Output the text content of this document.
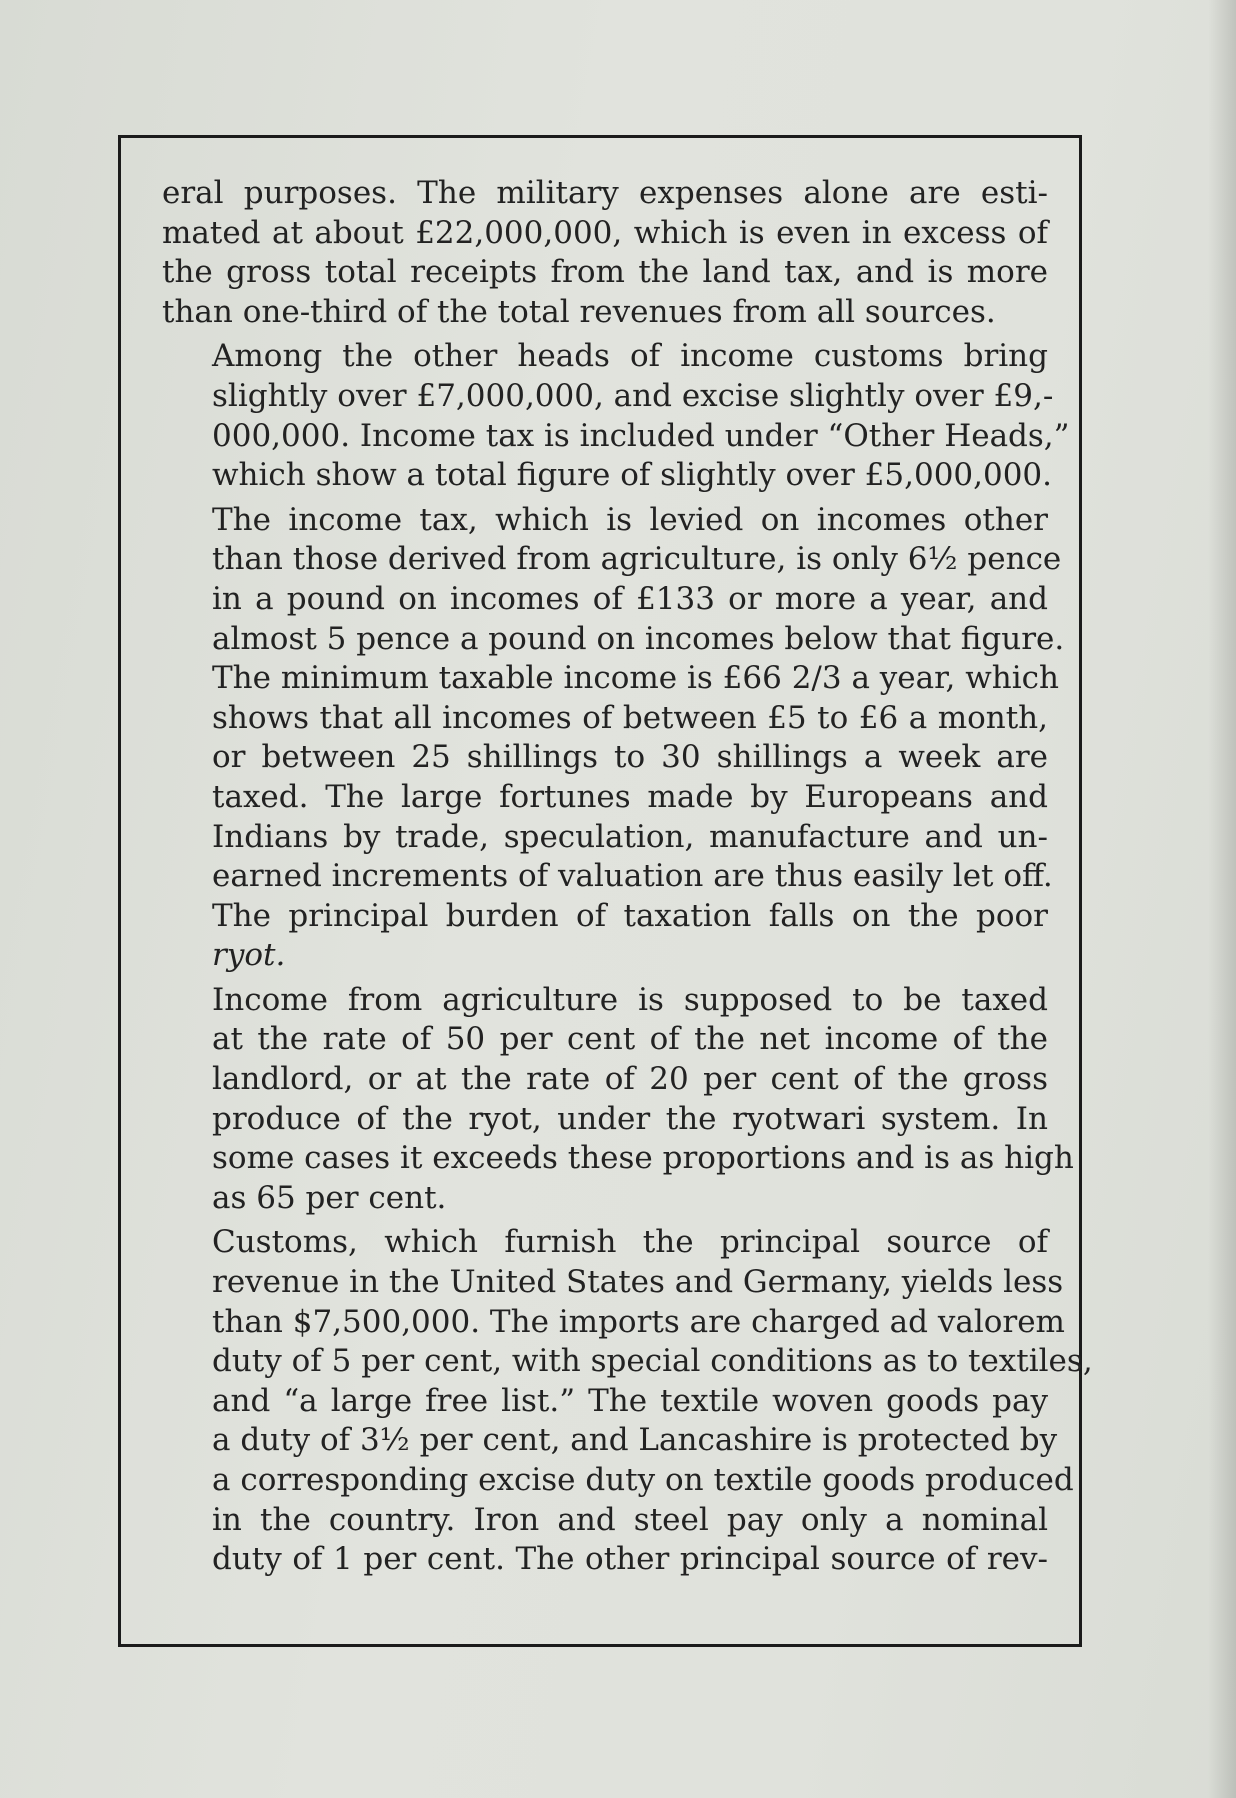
eral purposes. The military expenses alone are esti-
mated at about £22,000,000, which is even in excess of
the gross total receipts from the land tax, and is more
than one-third of the total revenues from all sources.
Among the other heads of income customs bring
slightly over £7,000,000, and excise slightly over £9,-
000,000. Income tax is included under “Other Heads,”
which show a total figure of slightly over £5,000,000.
The income tax, which is levied on incomes other
than those derived from agriculture, is only 6½ pence
in a pound on incomes of £133 or more a year, and
almost 5 pence a pound on incomes below that figure.
The minimum taxable income is £66 2/3 a year, which
shows that all incomes of between £5 to £6 a month,
or between 25 shillings to 30 shillings a week are
taxed. The large fortunes made by Europeans and
Indians by trade, speculation, manufacture and un-
earned increments of valuation are thus easily let off.
The principal burden of taxation falls on the poor
ryot.
Income from agriculture is supposed to be taxed
at the rate of 50 per cent of the net income of the
landlord, or at the rate of 20 per cent of the gross
produce of the ryot, under the ryotwari system. In
some cases it exceeds these proportions and is as high
as 65 per cent.
Customs, which furnish the principal source of
revenue in the United States and Germany, yields less
than $7,500,000. The imports are charged ad valorem
duty of 5 per cent, with special conditions as to textiles,
and “a large free list.” The textile woven goods pay
a duty of 3½ per cent, and Lancashire is protected by
a corresponding excise duty on textile goods produced
in the country. Iron and steel pay only a nominal
duty of 1 per cent. The other principal source of rev-
